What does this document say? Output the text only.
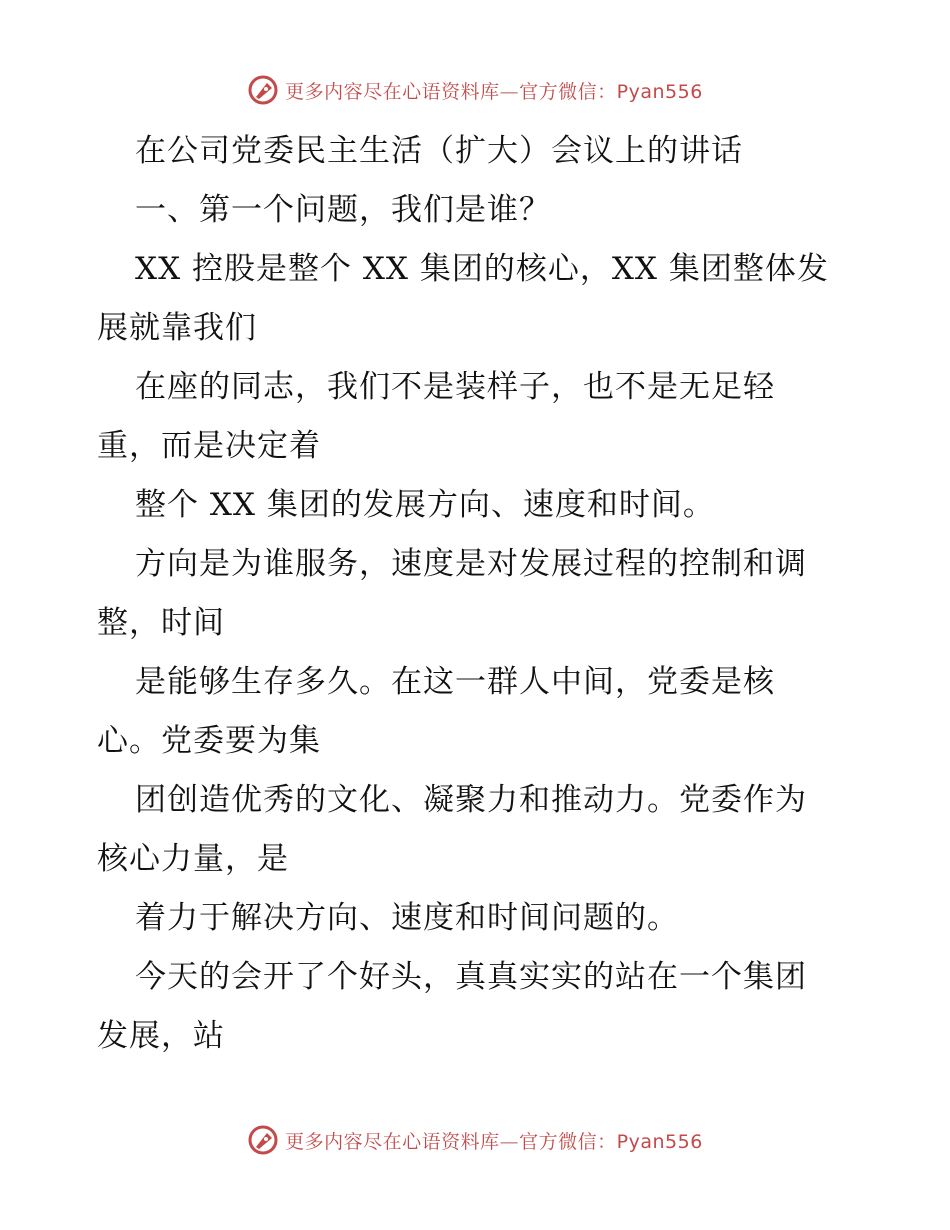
更多内容尽在心语资料库—官方微信：Pyan556

在公司党委民主生活（扩大）会议上的讲话

一、第一个问题，我们是谁？

XX 控股是整个 XX 集团的核心，XX 集团整体发

展就靠我们

在座的同志，我们不是装样子，也不是无足轻

重，而是决定着

整个 XX 集团的发展方向、速度和时间。

方向是为谁服务，速度是对发展过程的控制和调

整，时间

是能够生存多久。在这一群人中间，党委是核

心。党委要为集

团创造优秀的文化、凝聚力和推动力。党委作为

核心力量，是

着力于解决方向、速度和时间问题的。

今天的会开了个好头，真真实实的站在一个集团

发展，站

更多内容尽在心语资料库—官方微信：Pyan556
